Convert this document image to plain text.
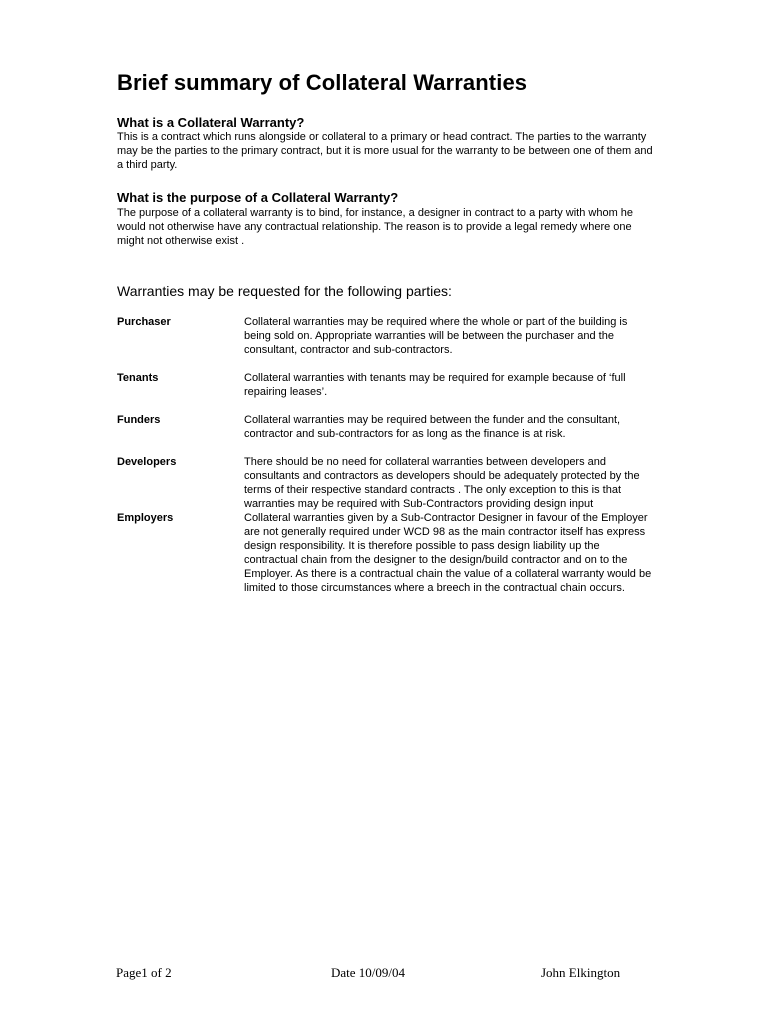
Brief summary of Collateral Warranties
What is a Collateral Warranty?
This is a contract which runs alongside or collateral to a primary or head contract. The parties to the warranty may be the parties to the primary contract, but it is more usual for the warranty to be between one of them and a third party.
What is the purpose of a Collateral Warranty?
The purpose of a collateral warranty is to bind, for instance, a designer in contract to a party with whom he would not otherwise have any contractual relationship. The reason is to provide a legal remedy where one might not otherwise exist .
Warranties may be requested for the following parties:
Purchaser	Collateral warranties may be required where the whole or part of the building is being sold on. Appropriate warranties will be between the purchaser and the consultant, contractor and sub-contractors.
Tenants	Collateral warranties with tenants may be required for example because of ‘full repairing leases’.
Funders	Collateral warranties may be required between the funder and the consultant, contractor and sub-contractors for as long as the finance is at risk.
Developers	There should be no need for collateral warranties between developers and consultants and contractors as developers should be adequately protected by the terms of their respective standard contracts . The only exception to this is that warranties may be required with Sub-Contractors providing design input
Employers	Collateral warranties given by a Sub-Contractor Designer in favour of the Employer are not generally required under WCD 98 as the main contractor itself has express design responsibility. It is therefore possible to pass design liability up the contractual chain from the designer to the design/build contractor and on to the Employer. As there is a contractual chain the value of a collateral warranty would be limited to those circumstances where a breech in the contractual chain occurs.
Page1 of 2	Date 10/09/04	John Elkington
